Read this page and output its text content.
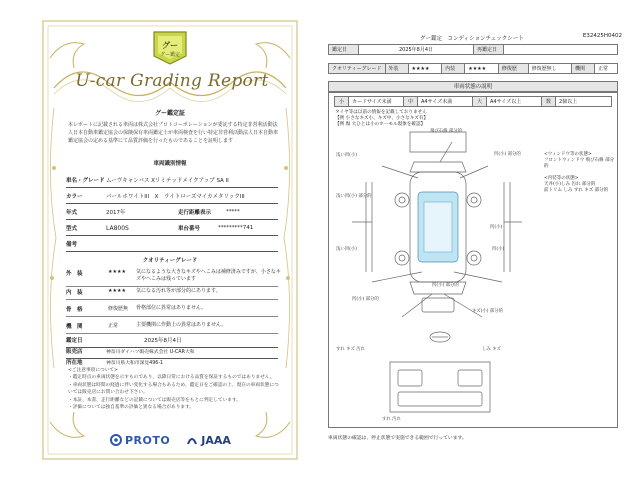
グー
グー鑑定
U-car Grading Report
グー鑑定証
本レポートに記載される車両は株式会社プロトコーポレーションが委託する特定非営利活動法人日本自動車鑑定協会の保険保有車両鑑定士が車両検査を行い特定非営利活動法人日本自動車鑑定協会の定める基準にて品質評価を行ったものであることを証明します
車両識別情報
車名・グレード ムーヴキャンバス Xリミテッドメイクアップ SA II
カラー	パールホワイトIII　X　ライトローズマイカメタリックIII
年式	2017年	走行距離表示	*****
型式	LA800S	車台番号	*********741
備考
クオリティーグレード
外　装	★★★★ 気になるような大きなキズやへこみは補修済みですが、小さなキズやへこみは残っています
内　装	★★★★ 気になる汚れ等が部分的にあります。
骨　格	修復歴無 骨格部位に異常はありません。
機　関	正常	主要機関に作動上の異常はありません。
鑑定日	2025年8月4日
販売店	神奈川ダイハツ販売株式会社 U-CAR大和
所在地	神奈川県大和市深見496-1
<ご注意事項について>
・鑑定時点の車両状態を示すものであり、以降日常における品質を保証するものではありません。
・車両状態は時間の経過に伴い変化する場合もあるため、鑑定日をご確認の上、現在の車両状態については販売店にお問い合わせ下さい。
・本証、本書、走行距離などの記載については販売店等をもとに判定しています。
・評価については独自基準の評価と異なる場合があります。
PROTO	JAAA
グー鑑定　コンディションチェックシート	E32425H0402
鑑定日	2025年8月4日	再鑑定日	
クオリティーグレード	外装	★★★★	内装	★★★★	修復歴	修復歴無し	機関	正常
車両状態の説明
小	カードサイズ未満	中	A4サイズ未満	大	A4サイズ以上	数	2個以上
タイヤ等は以前の情報を記載しておりません
【例 小さなキズ小、キズ中、小さなキズ有】
【例 傷 大ひとは小のホーモル現象を確認】
<ウィンドウ等の状態>
フロントウィンドウ 飛び石修 部分的
<内装等の状態>
天井(小)しみ 汚れ 部分的
前トリム しみ すれ キズ 部分的
飛び石修 部分的
凹(小) 部分的
浅い凹(小)
浅い凹(小) 部分的
浅い凹(小)
凹(小)
凹(小)
凹(小) 部分的
凹(小) 部分的
すれ キズ 汚れ	しみ キズ
キズ(小) 部分的
すれ 汚れ
車両状態の確認は、停止状態で実施できる範囲で行っています。
